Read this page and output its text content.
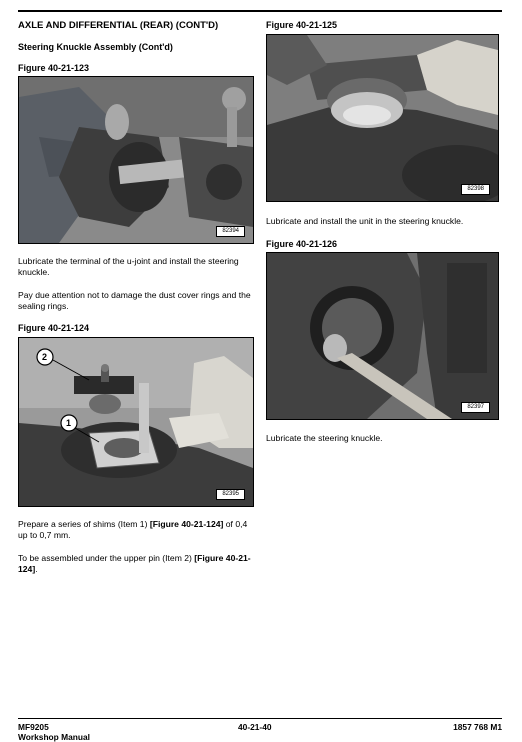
AXLE AND DIFFERENTIAL (REAR) (CONT'D)

Steering Knuckle Assembly (Cont'd)

Figure 40-21-123

82394

Lubricate the terminal of the u-joint and install the steering knuckle.

Pay due attention not to damage the dust cover rings and the sealing rings.

Figure 40-21-124

2
1
82395

Prepare a series of shims (Item 1) [Figure 40-21-124] of 0,4 up to 0,7 mm.

To be assembled under the upper pin (Item 2) [Figure 40-21-124].

Figure 40-21-125

82398

Lubricate and install the unit in the steering knuckle.

Figure 40-21-126

82397

Lubricate the steering knuckle.

MF9205

Workshop Manual

40-21-40	1857 768 M1
